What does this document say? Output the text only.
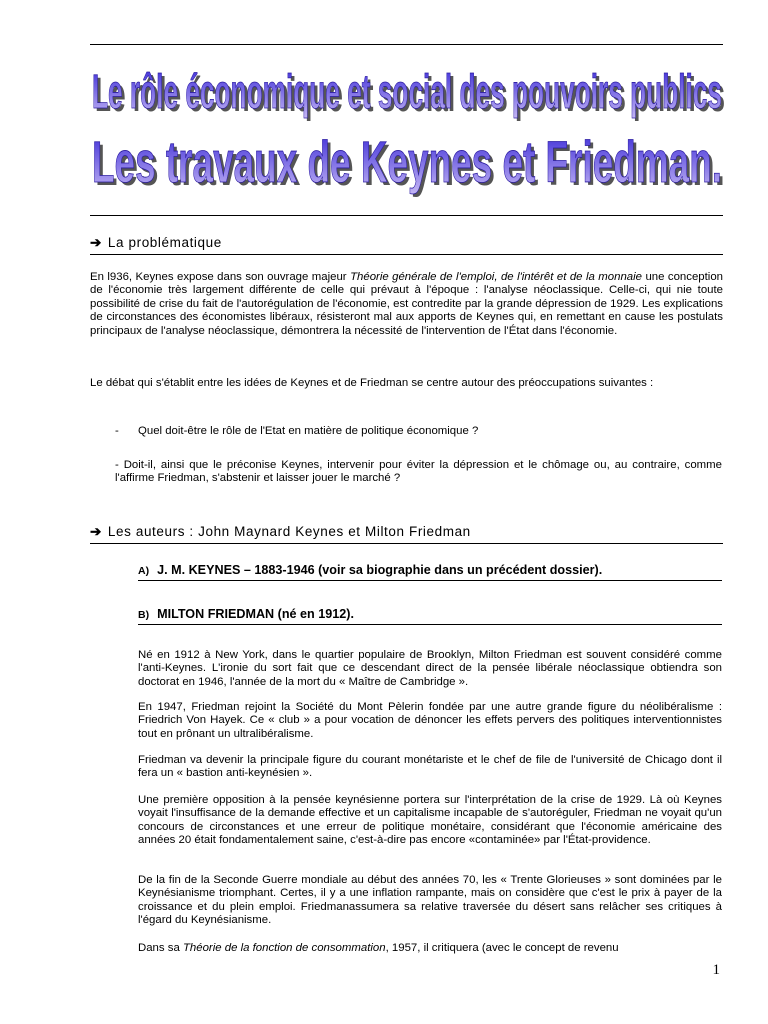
Le rôle économique et social des pouvoirs publics
Le rôle économique et social des pouvoirs publics
Les travaux de Keynes et Friedman.
Les travaux de Keynes et Friedman.
➔ La problématique
En l936, Keynes expose dans son ouvrage majeur Théorie générale de l'emploi, de l'intérêt et de la monnaie une conception de l'économie très largement différente de celle qui prévaut à l'époque : l'analyse néoclassique. Celle-ci, qui nie toute possibilité de crise du fait de l'autorégulation de l'économie, est contredite par la grande dépression de 1929. Les explications de circonstances des économistes libéraux, résisteront mal aux apports de Keynes qui, en remettant en cause les postulats principaux de l'analyse néoclassique, démontrera la nécessité de l'intervention de l'État dans l'économie.
Le débat qui s'établit entre les idées de Keynes et de Friedman se centre autour des préoccupations suivantes :
- Quel doit-être le rôle de l'Etat en matière de politique économique ?
- Doit-il, ainsi que le préconise Keynes, intervenir pour éviter la dépression et le chômage ou, au contraire, comme l'affirme Friedman, s'abstenir et laisser jouer le marché ?
➔ Les auteurs : John Maynard Keynes et Milton Friedman
A) J. M. KEYNES – 1883-1946 (voir sa biographie dans un précédent dossier).
B) MILTON FRIEDMAN (né en 1912).
Né en 1912 à New York, dans le quartier populaire de Brooklyn, Milton Friedman est souvent considéré comme l'anti-Keynes. L'ironie du sort fait que ce descendant direct de la pensée libérale néoclassique obtiendra son doctorat en 1946, l'année de la mort du « Maître de Cambridge ».
En 1947, Friedman rejoint la Société du Mont Pèlerin fondée par une autre grande figure du néolibéralisme : Friedrich Von Hayek. Ce « club » a pour vocation de dénoncer les effets pervers des politiques interventionnistes tout en prônant un ultralibéralisme.
Friedman va devenir la principale figure du courant monétariste et le chef de file de l'université de Chicago dont il fera un « bastion anti-keynésien ».
Une première opposition à la pensée keynésienne portera sur l'interprétation de la crise de 1929. Là où Keynes voyait l'insuffisance de la demande effective et un capitalisme incapable de s'autoréguler, Friedman ne voyait qu'un concours de circonstances et une erreur de politique monétaire, considérant que l'économie américaine des années 20 était fondamentalement saine, c'est-à-dire pas encore «contaminée» par l'État-providence.
De la fin de la Seconde Guerre mondiale au début des années 70, les « Trente Glorieuses » sont dominées par le Keynésianisme triomphant. Certes, il y a une inflation rampante, mais on considère que c'est le prix à payer de la croissance et du plein emploi. Friedmanassumera sa relative traversée du désert sans relâcher ses critiques à l'égard du Keynésianisme.
Dans sa Théorie de la fonction de consommation, 1957, il critiquera (avec le concept de revenu
1
